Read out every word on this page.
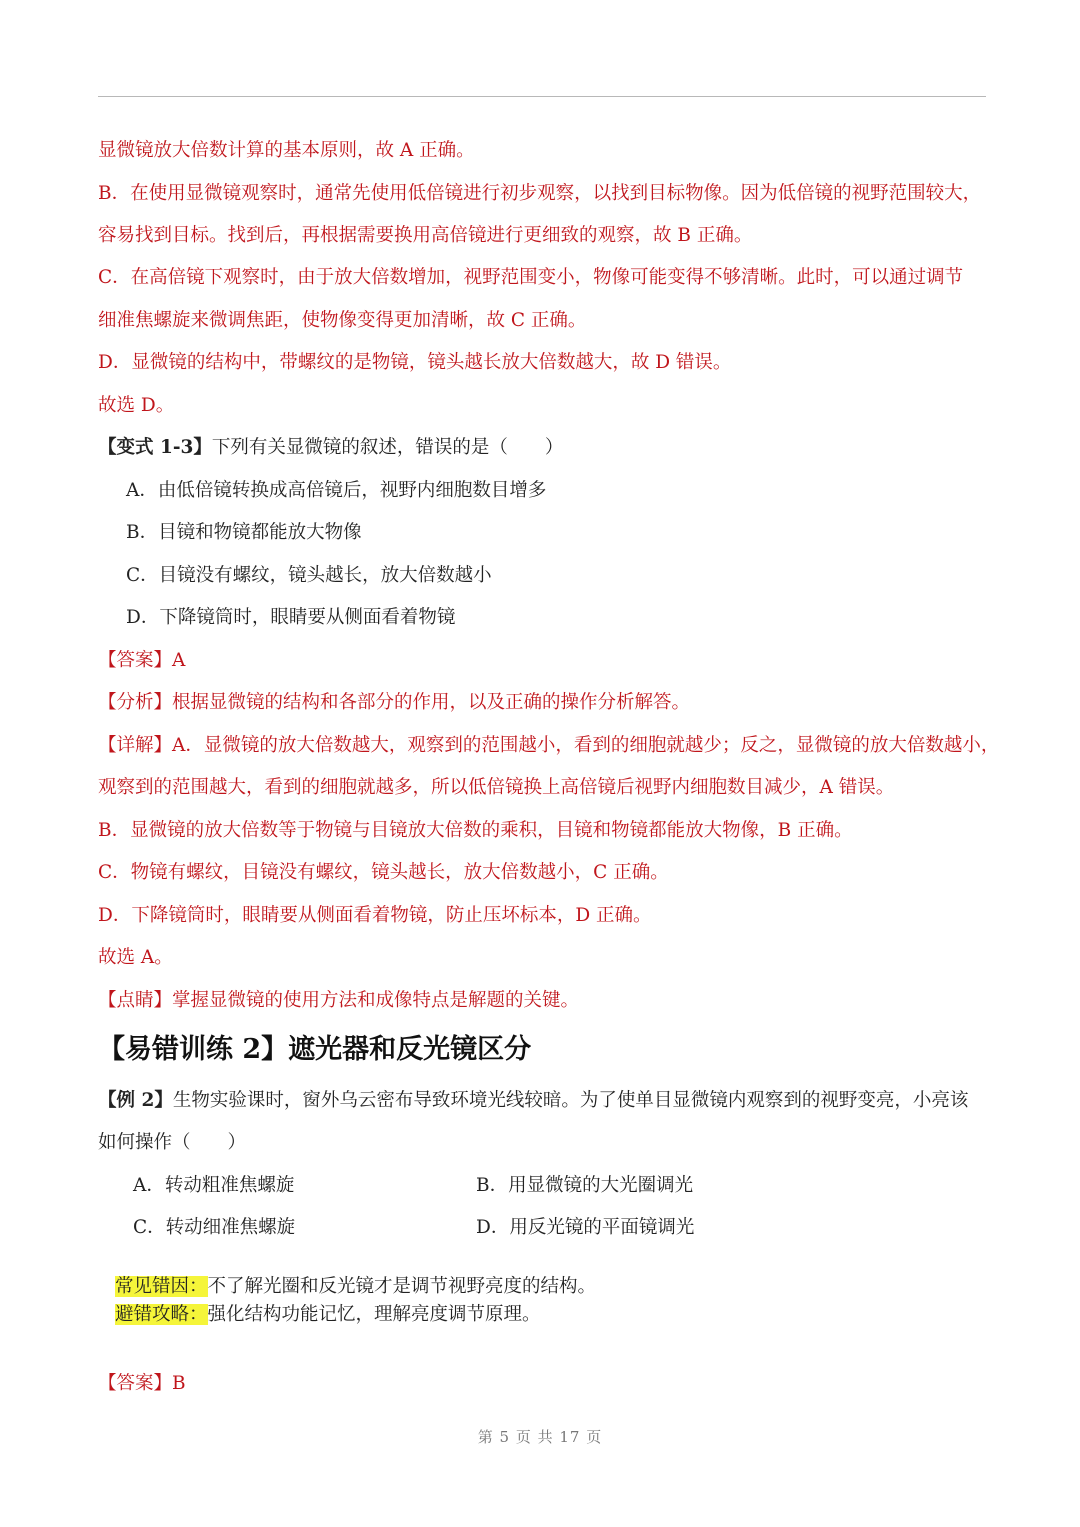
显微镜放大倍数计算的基本原则，故 A 正确。
B．在使用显微镜观察时，通常先使用低倍镜进行初步观察，以找到目标物像。因为低倍镜的视野范围较大，
容易找到目标。找到后，再根据需要换用高倍镜进行更细致的观察，故 B 正确。
C．在高倍镜下观察时，由于放大倍数增加，视野范围变小，物像可能变得不够清晰。此时，可以通过调节
细准焦螺旋来微调焦距，使物像变得更加清晰，故 C 正确。
D．显微镜的结构中，带螺纹的是物镜，镜头越长放大倍数越大，故 D 错误。
故选 D。
【变式 1-3】下列有关显微镜的叙述，错误的是（　　）
A．由低倍镜转换成高倍镜后，视野内细胞数目增多
B．目镜和物镜都能放大物像
C．目镜没有螺纹，镜头越长，放大倍数越小
D．下降镜筒时，眼睛要从侧面看着物镜
【答案】A
【分析】根据显微镜的结构和各部分的作用，以及正确的操作分析解答。
【详解】A．显微镜的放大倍数越大，观察到的范围越小，看到的细胞就越少；反之，显微镜的放大倍数越小，
观察到的范围越大，看到的细胞就越多，所以低倍镜换上高倍镜后视野内细胞数目减少，A 错误。
B．显微镜的放大倍数等于物镜与目镜放大倍数的乘积，目镜和物镜都能放大物像，B 正确。
C．物镜有螺纹，目镜没有螺纹，镜头越长，放大倍数越小，C 正确。
D．下降镜筒时，眼睛要从侧面看着物镜，防止压坏标本，D 正确。
故选 A。
【点睛】掌握显微镜的使用方法和成像特点是解题的关键。
【易错训练 2】遮光器和反光镜区分
【例 2】生物实验课时，窗外乌云密布导致环境光线较暗。为了使单目显微镜内观察到的视野变亮，小亮该
如何操作（　　）
A．转动粗准焦螺旋	B．用显微镜的大光圈调光
C．转动细准焦螺旋	D．用反光镜的平面镜调光
常见错因：不了解光圈和反光镜才是调节视野亮度的结构。
避错攻略：强化结构功能记忆，理解亮度调节原理。
【答案】B
第 5 页 共 17 页
